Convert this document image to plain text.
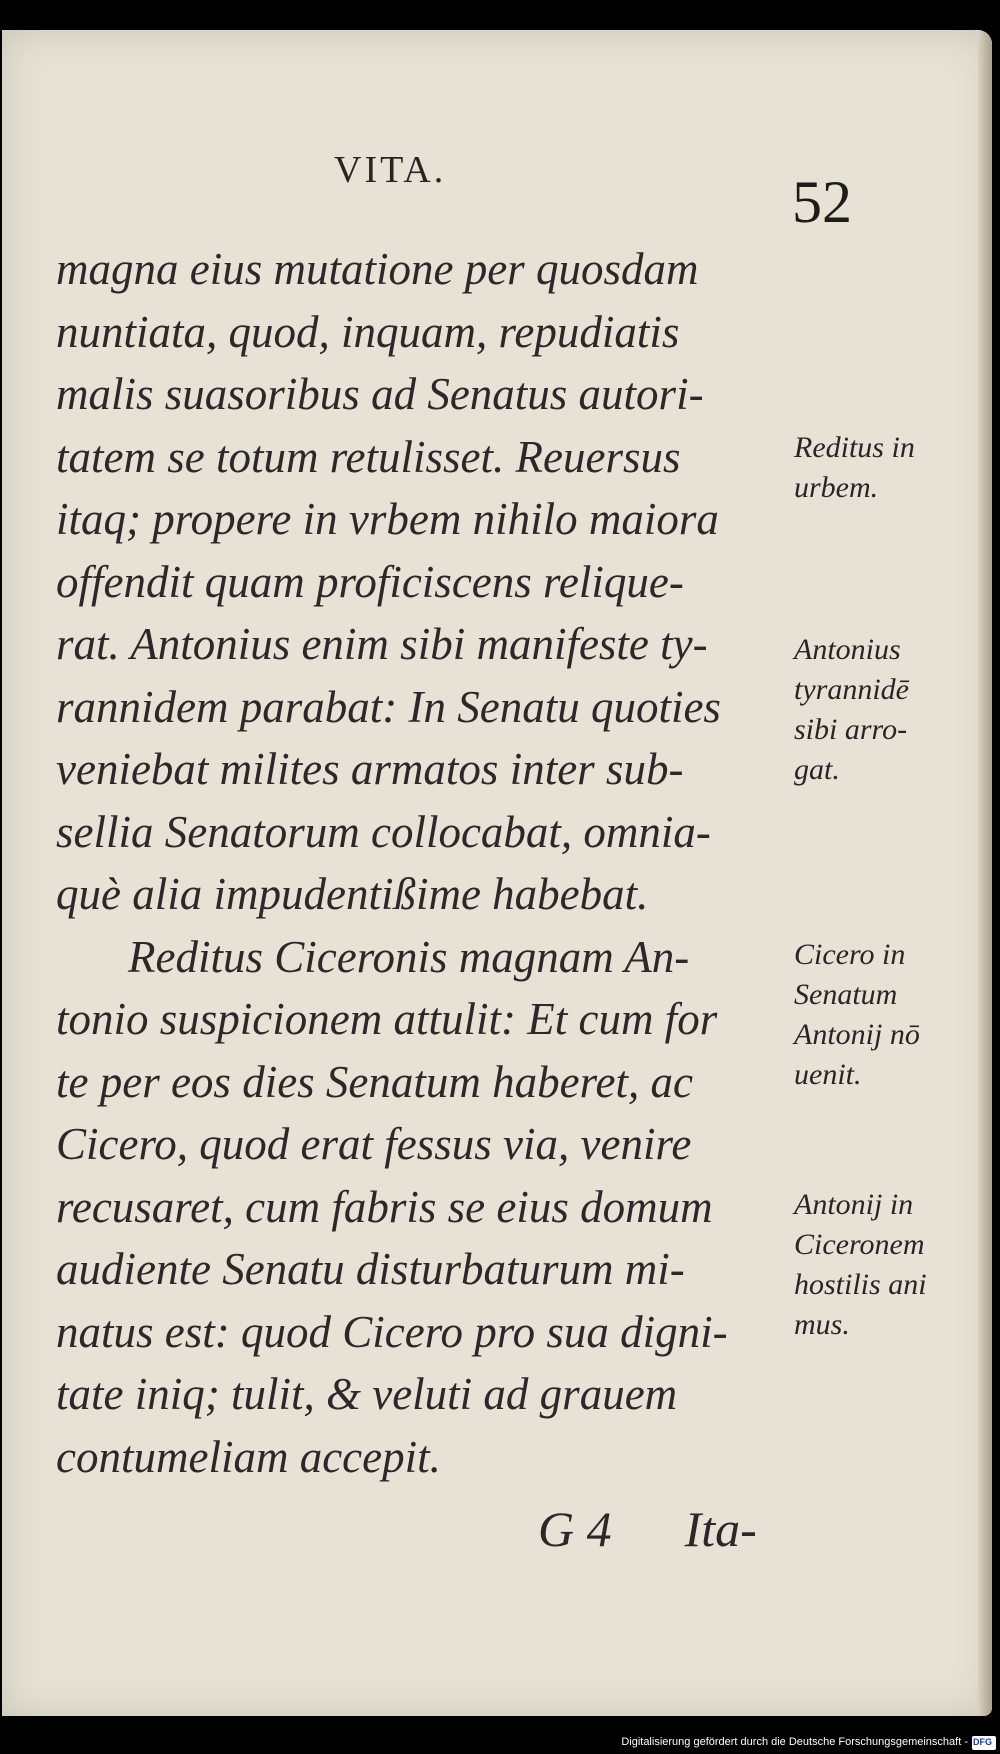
VITA.	52
magna eius mutatione per quosdam
nuntiata, quod, inquam, repudiatis
malis suasoribus ad Senatus autori-
tatem se totum retulisset. Reuersus
itaq; propere in vrbem nihilo maiora
offendit quam proficiscens relique-
rat. Antonius enim sibi manifeste ty-
rannidem parabat: In Senatu quoties
veniebat milites armatos inter sub-
sellia Senatorum collocabat, omnia-
què alia impudentißime habebat.
Reditus Ciceronis magnam An-
tonio suspicionem attulit: Et cum for
te per eos dies Senatum haberet, ac
Cicero, quod erat fessus via, venire
recusaret, cum fabris se eius domum
audiente Senatu disturbaturum mi-
natus est: quod Cicero pro sua digni-
tate iniq; tulit, & veluti ad grauem
contumeliam accepit.
G 4 Ita-
Reditus in
urbem.
Antonius
tyrannidē
sibi arro-
gat.
Cicero in
Senatum
Antonij nō
uenit.
Antonij in
Ciceronem
hostilis ani
mus.
Digitalisierung gefördert durch die Deutsche Forschungsgemeinschaft - DFG
